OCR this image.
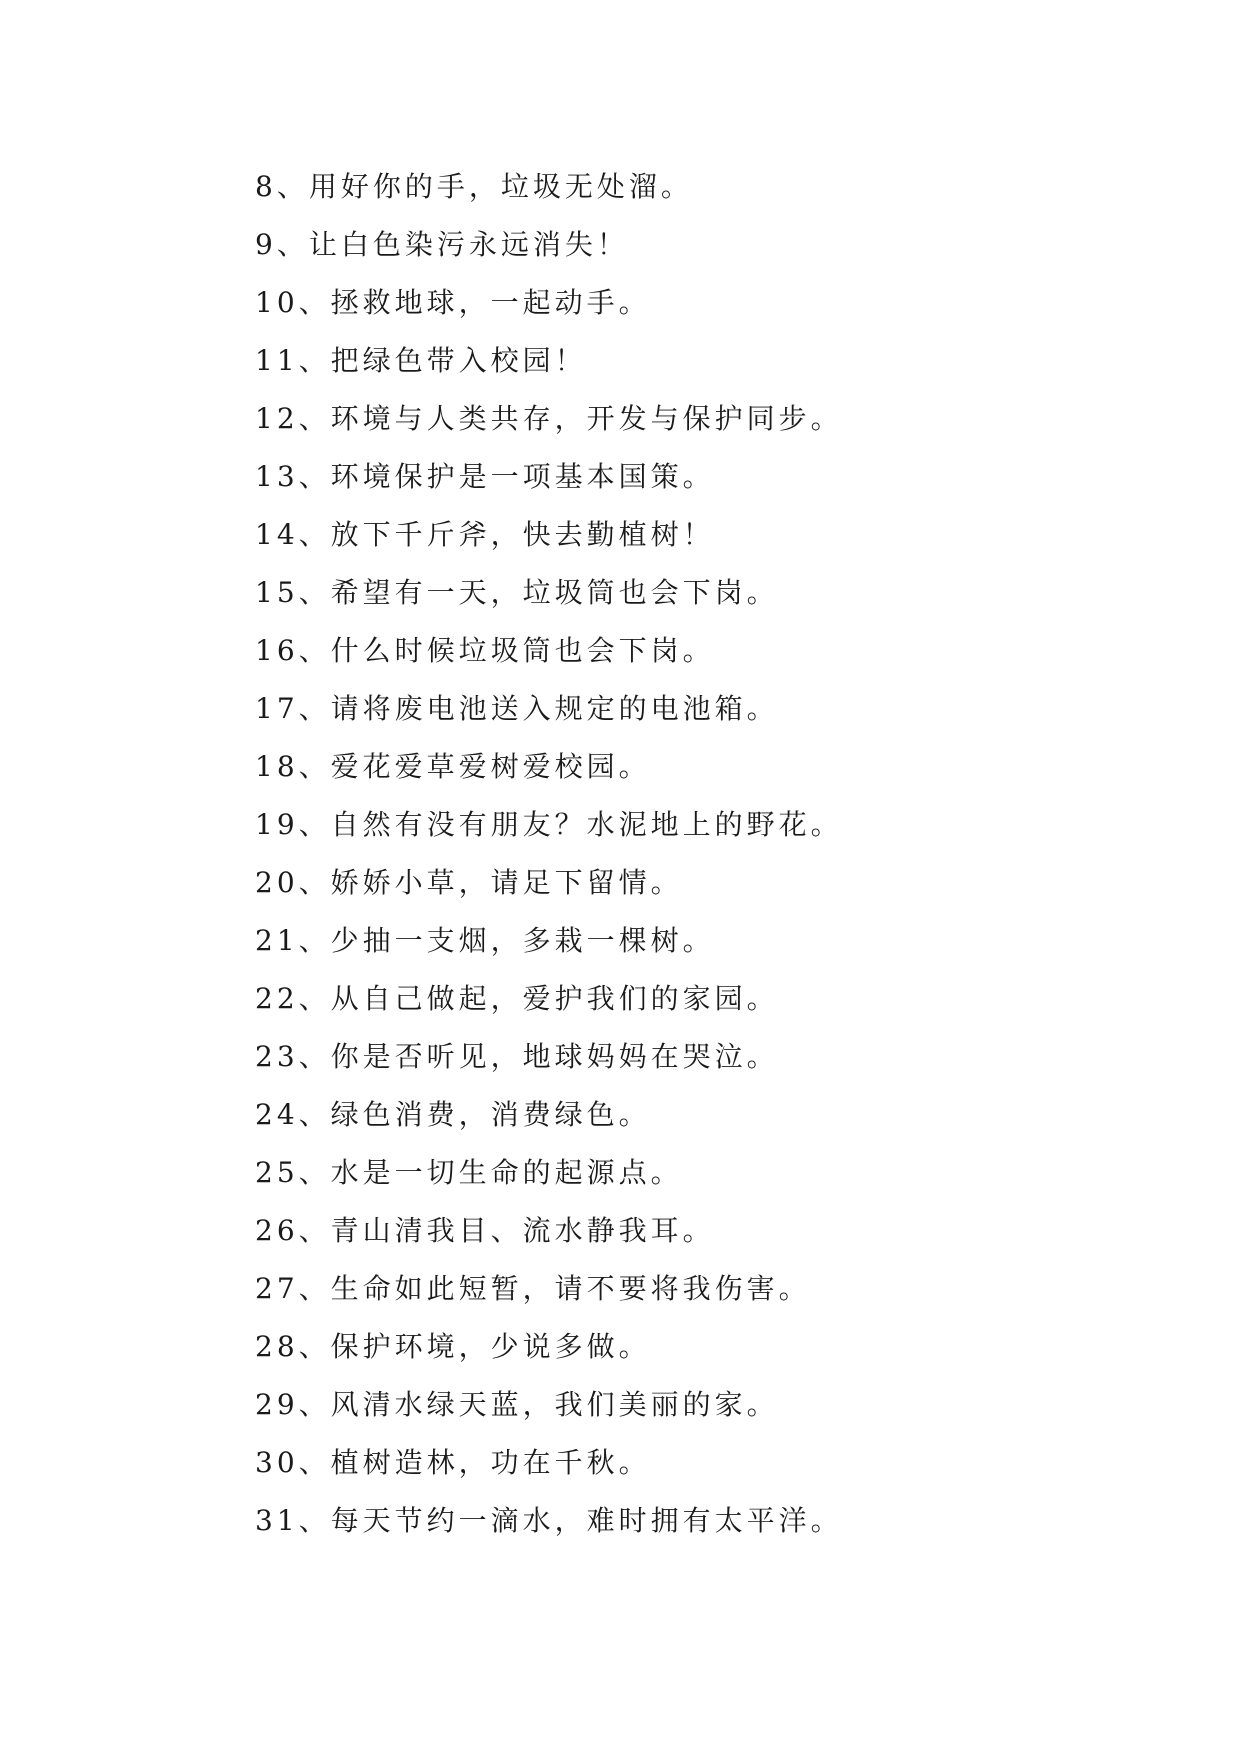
8、用好你的手，垃圾无处溜。
9、让白色染污永远消失！
10、拯救地球，一起动手。
11、把绿色带入校园！
12、环境与人类共存，开发与保护同步。
13、环境保护是一项基本国策。
14、放下千斤斧，快去勤植树！
15、希望有一天，垃圾筒也会下岗。
16、什么时候垃圾筒也会下岗。
17、请将废电池送入规定的电池箱。
18、爱花爱草爱树爱校园。
19、自然有没有朋友？水泥地上的野花。
20、娇娇小草，请足下留情。
21、少抽一支烟，多栽一棵树。
22、从自己做起，爱护我们的家园。
23、你是否听见，地球妈妈在哭泣。
24、绿色消费，消费绿色。
25、水是一切生命的起源点。
26、青山清我目、流水静我耳。
27、生命如此短暂，请不要将我伤害。
28、保护环境，少说多做。
29、风清水绿天蓝，我们美丽的家。
30、植树造林，功在千秋。
31、每天节约一滴水，难时拥有太平洋。
